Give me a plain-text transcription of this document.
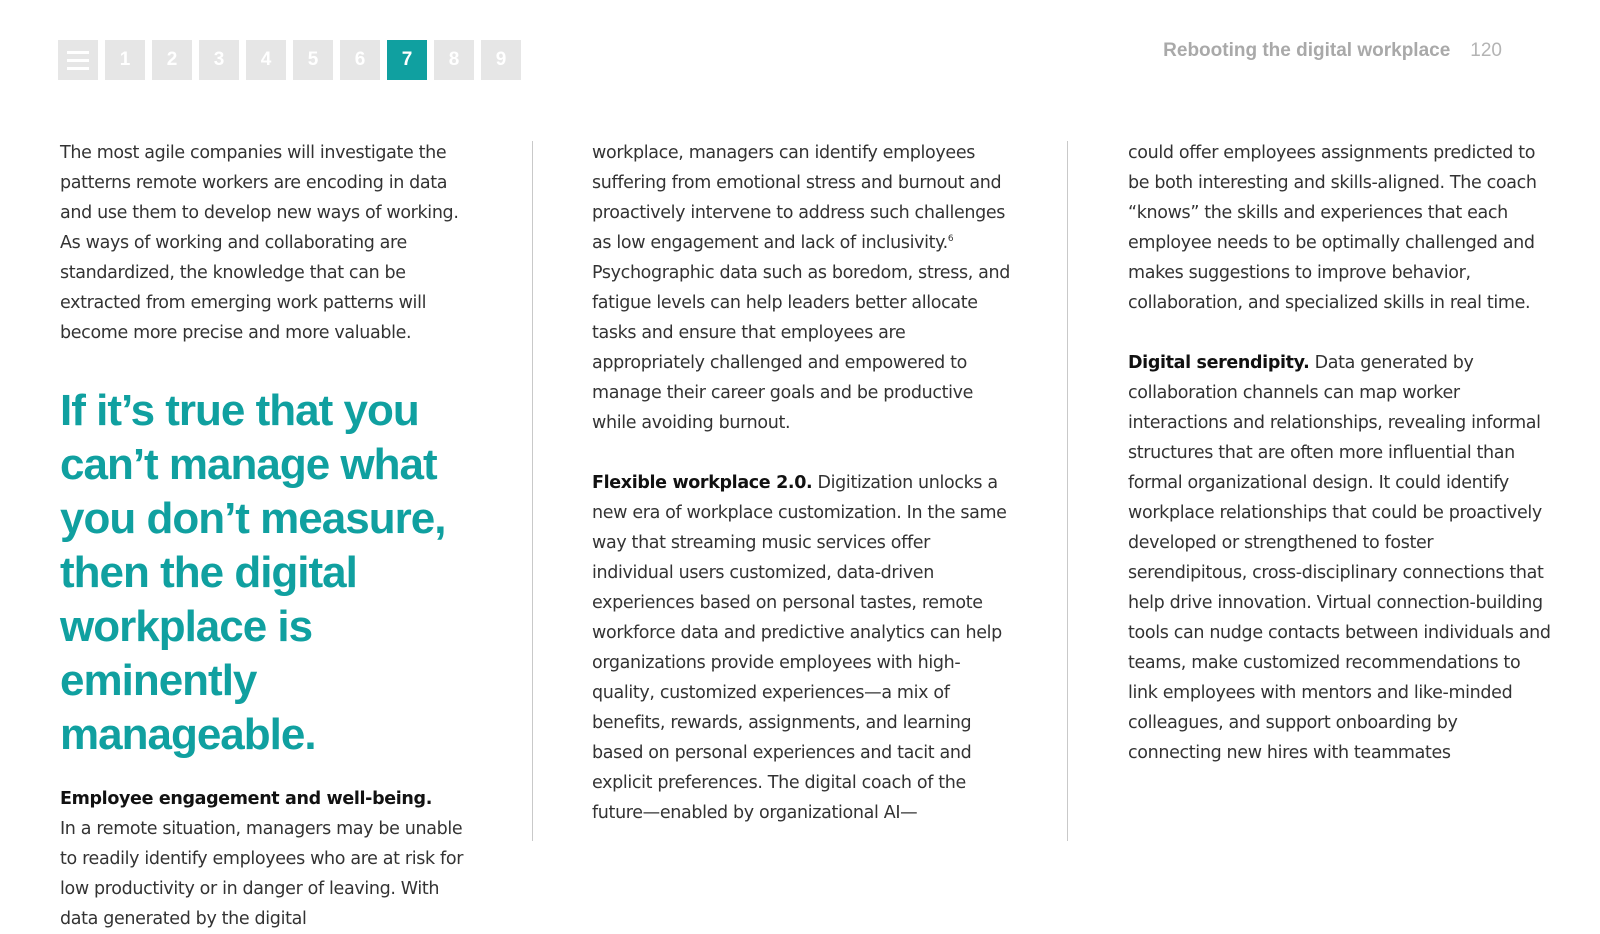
1	2	3	4	5	6	7	8	9	Rebooting the digital workplace 120

The most agile companies will investigate the patterns remote workers are encoding in data and use them to develop new ways of working. As ways of working and collaborating are standardized, the knowledge that can be extracted from emerging work patterns will become more precise and more valuable.

If it’s true that you can’t manage what you don’t measure, then the digital workplace is eminently manageable.

Employee engagement and well-being.
In a remote situation, managers may be unable to readily identify employees who are at risk for low productivity or in danger of leaving. With data generated by the digital

workplace, managers can identify employees suffering from emotional stress and burnout and proactively intervene to address such challenges as low engagement and lack of inclusivity.$^6$ Psychographic data such as boredom, stress, and fatigue levels can help leaders better allocate tasks and ensure that employees are appropriately challenged and empowered to manage their career goals and be productive while avoiding burnout.

Flexible workplace 2.0. Digitization unlocks a new era of workplace customization. In the same way that streaming music services offer individual users customized, data-driven experiences based on personal tastes, remote workforce data and predictive analytics can help organizations provide employees with high-quality, customized experiences—a mix of benefits, rewards, assignments, and learning based on personal experiences and tacit and explicit preferences. The digital coach of the future—enabled by organizational AI—

could offer employees assignments predicted to be both interesting and skills-aligned. The coach “knows” the skills and experiences that each employee needs to be optimally challenged and makes suggestions to improve behavior, collaboration, and specialized skills in real time.

Digital serendipity. Data generated by collaboration channels can map worker interactions and relationships, revealing informal structures that are often more influential than formal organizational design. It could identify workplace relationships that could be proactively developed or strengthened to foster serendipitous, cross-disciplinary connections that help drive innovation. Virtual connection-building tools can nudge contacts between individuals and teams, make customized recommendations to link employees with mentors and like-minded colleagues, and support onboarding by connecting new hires with teammates
